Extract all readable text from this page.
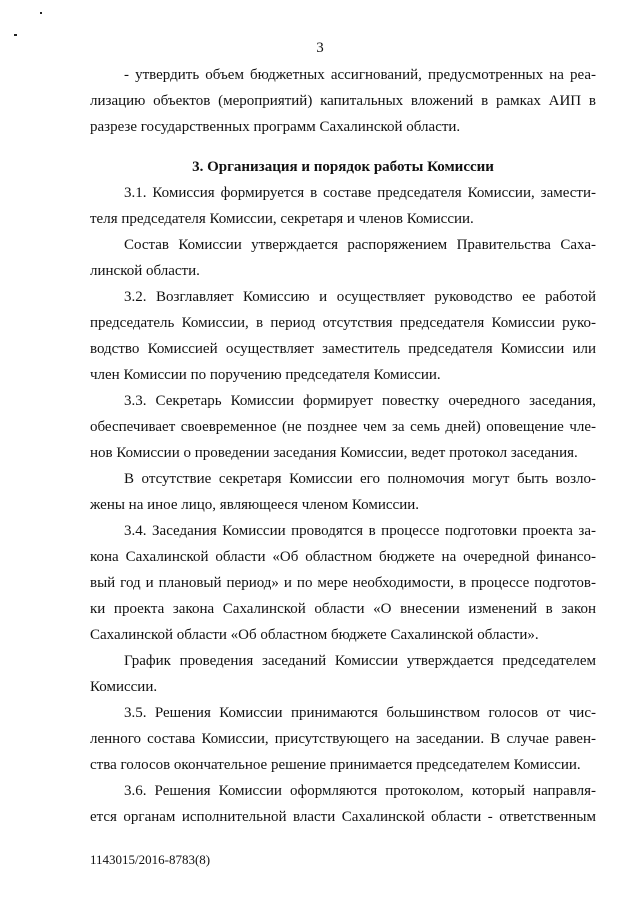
3
- утвердить объем бюджетных ассигнований, предусмотренных на реа-
лизацию объектов (мероприятий) капитальных вложений в рамках АИП в
разрезе государственных программ Сахалинской области.
3. Организация и порядок работы Комиссии
3.1. Комиссия формируется в составе председателя Комиссии, замести-
теля председателя Комиссии, секретаря и членов Комиссии.
Состав Комиссии утверждается распоряжением Правительства Саха-
линской области.
3.2. Возглавляет Комиссию и осуществляет руководство ее работой
председатель Комиссии, в период отсутствия председателя Комиссии руко-
водство Комиссией осуществляет заместитель председателя Комиссии или
член Комиссии по поручению председателя Комиссии.
3.3. Секретарь Комиссии формирует повестку очередного заседания,
обеспечивает своевременное (не позднее чем за семь дней) оповещение чле-
нов Комиссии о проведении заседания Комиссии, ведет протокол заседания.
В отсутствие секретаря Комиссии его полномочия могут быть возло-
жены на иное лицо, являющееся членом Комиссии.
3.4. Заседания Комиссии проводятся в процессе подготовки проекта за-
кона Сахалинской области «Об областном бюджете на очередной финансо-
вый год и плановый период» и по мере необходимости, в процессе подготов-
ки проекта закона Сахалинской области «О внесении изменений в закон
Сахалинской области «Об областном бюджете Сахалинской области».
График проведения заседаний Комиссии утверждается председателем
Комиссии.
3.5. Решения Комиссии принимаются большинством голосов от чис-
ленного состава Комиссии, присутствующего на заседании. В случае равен-
ства голосов окончательное решение принимается председателем Комиссии.
3.6. Решения Комиссии оформляются протоколом, который направля-
ется органам исполнительной власти Сахалинской области - ответственным
1143015/2016-8783(8)
